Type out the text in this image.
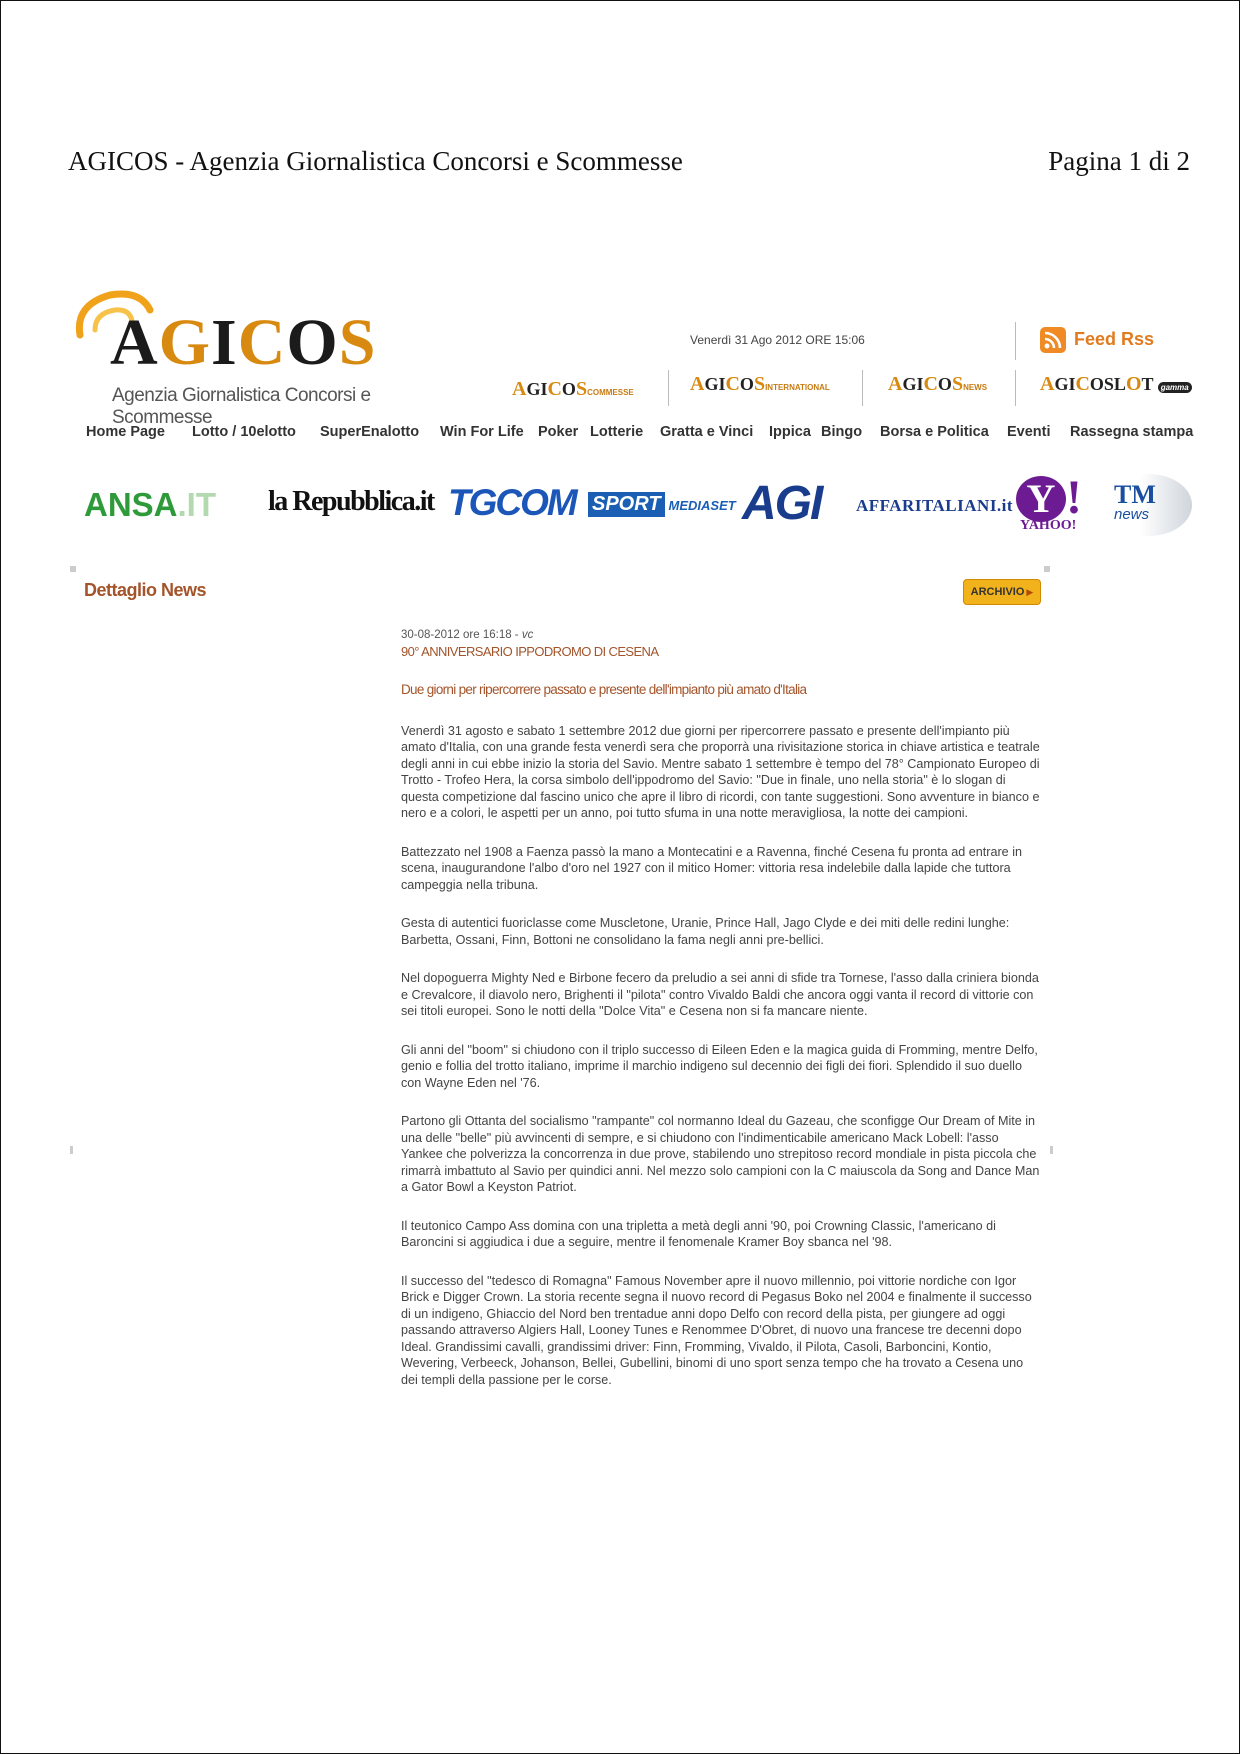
AGICOS - Agenzia Giornalistica Concorsi e Scommesse	Pagina 1 di 2
AGICOS
Agenzia Giornalistica Concorsi e Scommesse
Venerdì 31 Ago 2012 ORE 15:06	Feed Rss
AGICOSCOMMESSE	AGICOSINTERNATIONAL	AGICOSNEWS	AGICOSLOT gamma
Home Page Lotto / 10elotto SuperEnalotto Win For Life Poker Lotterie Gratta e Vinci Ippica Bingo Borsa e Politica Eventi Rassegna stampa
ANSA.IT la Repubblica.it TGCOM SPORT MEDIASET AGI AFFARITALIANI.it Y !
YAHOO!
TM
news
Dettaglio News	ARCHIVIO ▶
30-08-2012 ore 16:18 - vc
90° ANNIVERSARIO IPPODROMO DI CESENA
Due giorni per ripercorrere passato e presente dell'impianto più amato d'Italia

Venerdì 31 agosto e sabato 1 settembre 2012 due giorni per ripercorrere passato e presente dell'impianto più amato d'Italia, con una grande festa venerdì sera che proporrà una rivisitazione storica in chiave artistica e teatrale degli anni in cui ebbe inizio la storia del Savio. Mentre sabato 1 settembre è tempo del 78° Campionato Europeo di Trotto - Trofeo Hera, la corsa simbolo dell'ippodromo del Savio: "Due in finale, uno nella storia" è lo slogan di questa competizione dal fascino unico che apre il libro di ricordi, con tante suggestioni. Sono avventure in bianco e nero e a colori, le aspetti per un anno, poi tutto sfuma in una notte meravigliosa, la notte dei campioni.

Battezzato nel 1908 a Faenza passò la mano a Montecatini e a Ravenna, finché Cesena fu pronta ad entrare in scena, inaugurandone l'albo d'oro nel 1927 con il mitico Homer: vittoria resa indelebile dalla lapide che tuttora campeggia nella tribuna.

Gesta di autentici fuoriclasse come Muscletone, Uranie, Prince Hall, Jago Clyde e dei miti delle redini lunghe: Barbetta, Ossani, Finn, Bottoni ne consolidano la fama negli anni pre-bellici.

Nel dopoguerra Mighty Ned e Birbone fecero da preludio a sei anni di sfide tra Tornese, l'asso dalla criniera bionda e Crevalcore, il diavolo nero, Brighenti il "pilota" contro Vivaldo Baldi che ancora oggi vanta il record di vittorie con sei titoli europei. Sono le notti della "Dolce Vita" e Cesena non si fa mancare niente.

Gli anni del "boom" si chiudono con il triplo successo di Eileen Eden e la magica guida di Fromming, mentre Delfo, genio e follia del trotto italiano, imprime il marchio indigeno sul decennio dei figli dei fiori. Splendido il suo duello con Wayne Eden nel '76.

Partono gli Ottanta del socialismo "rampante" col normanno Ideal du Gazeau, che sconfigge Our Dream of Mite in una delle "belle" più avvincenti di sempre, e si chiudono con l'indimenticabile americano Mack Lobell: l'asso Yankee che polverizza la concorrenza in due prove, stabilendo uno strepitoso record mondiale in pista piccola che rimarrà imbattuto al Savio per quindici anni. Nel mezzo solo campioni con la C maiuscola da Song and Dance Man a Gator Bowl a Keyston Patriot.

Il teutonico Campo Ass domina con una tripletta a metà degli anni '90, poi Crowning Classic, l'americano di Baroncini si aggiudica i due a seguire, mentre il fenomenale Kramer Boy sbanca nel '98.

Il successo del "tedesco di Romagna" Famous November apre il nuovo millennio, poi vittorie nordiche con Igor Brick e Digger Crown. La storia recente segna il nuovo record di Pegasus Boko nel 2004 e finalmente il successo di un indigeno, Ghiaccio del Nord ben trentadue anni dopo Delfo con record della pista, per giungere ad oggi passando attraverso Algiers Hall, Looney Tunes e Renommee D'Obret, di nuovo una francese tre decenni dopo Ideal. Grandissimi cavalli, grandissimi driver: Finn, Fromming, Vivaldo, il Pilota, Casoli, Barboncini, Kontio, Wevering, Verbeeck, Johanson, Bellei, Gubellini, binomi di uno sport senza tempo che ha trovato a Cesena uno dei templi della passione per le corse.
